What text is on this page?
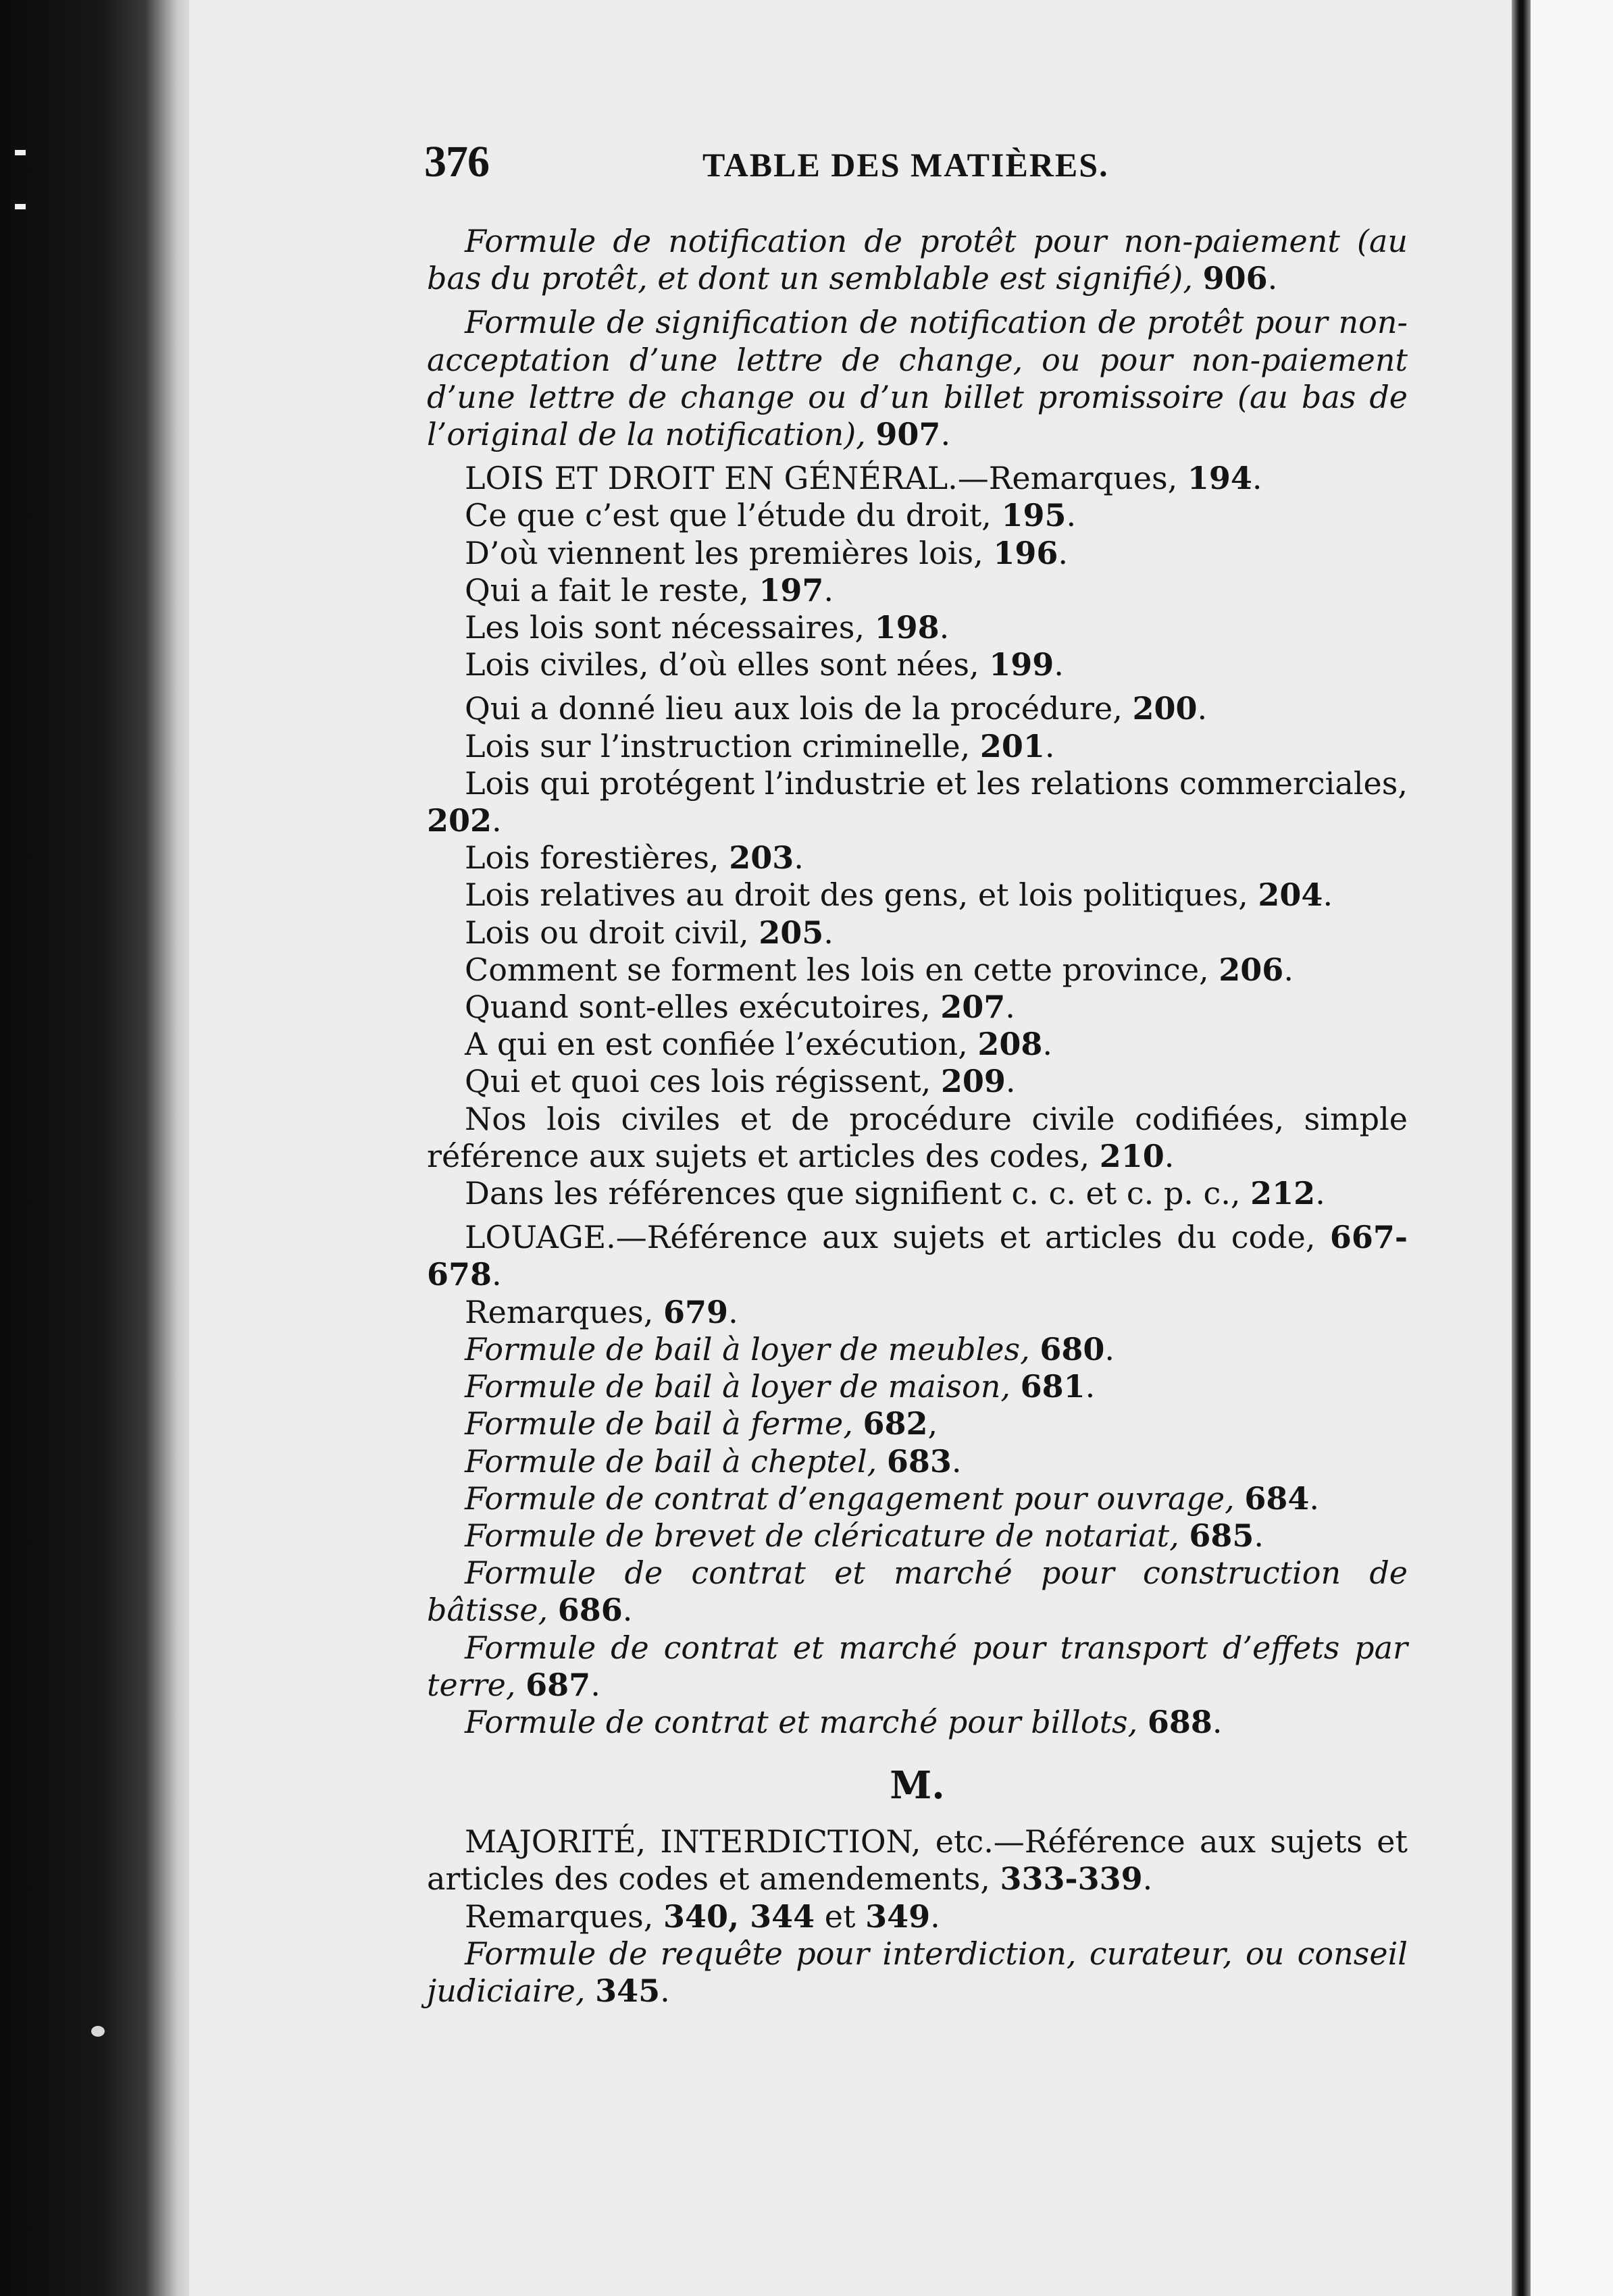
376	TABLE DES MATIÈRES.

Formule de notification de protêt pour non-paiement (au bas du protêt, et dont un semblable est signifié), 906.

Formule de signification de notification de protêt pour non-acceptation d’une lettre de change, ou pour non-paiement d’une lettre de change ou d’un billet promissoire (au bas de l’original de la notification), 907.

LOIS ET DROIT EN GÉNÉRAL.—Remarques, 194.

Ce que c’est que l’étude du droit, 195.

D’où viennent les premières lois, 196.

Qui a fait le reste, 197.

Les lois sont nécessaires, 198.

Lois civiles, d’où elles sont nées, 199.

Qui a donné lieu aux lois de la procédure, 200.

Lois sur l’instruction criminelle, 201.

Lois qui protégent l’industrie et les relations commerciales, 202.

Lois forestières, 203.

Lois relatives au droit des gens, et lois politiques, 204.

Lois ou droit civil, 205.

Comment se forment les lois en cette province, 206.

Quand sont-elles exécutoires, 207.

A qui en est confiée l’exécution, 208.

Qui et quoi ces lois régissent, 209.

Nos lois civiles et de procédure civile codifiées, simple référence aux sujets et articles des codes, 210.

Dans les références que signifient c. c. et c. p. c., 212.

LOUAGE.—Référence aux sujets et articles du code, 667-678.

Remarques, 679.

Formule de bail à loyer de meubles, 680.

Formule de bail à loyer de maison, 681.

Formule de bail à ferme, 682,

Formule de bail à cheptel, 683.

Formule de contrat d’engagement pour ouvrage, 684.

Formule de brevet de cléricature de notariat, 685.

Formule de contrat et marché pour construction de bâtisse, 686.

Formule de contrat et marché pour transport d’effets par terre, 687.

Formule de contrat et marché pour billots, 688.

M.

MAJORITÉ, INTERDICTION, etc.—Référence aux sujets et articles des codes et amendements, 333-339.

Remarques, 340, 344 et 349.

Formule de requête pour interdiction, curateur, ou conseil judiciaire, 345.
